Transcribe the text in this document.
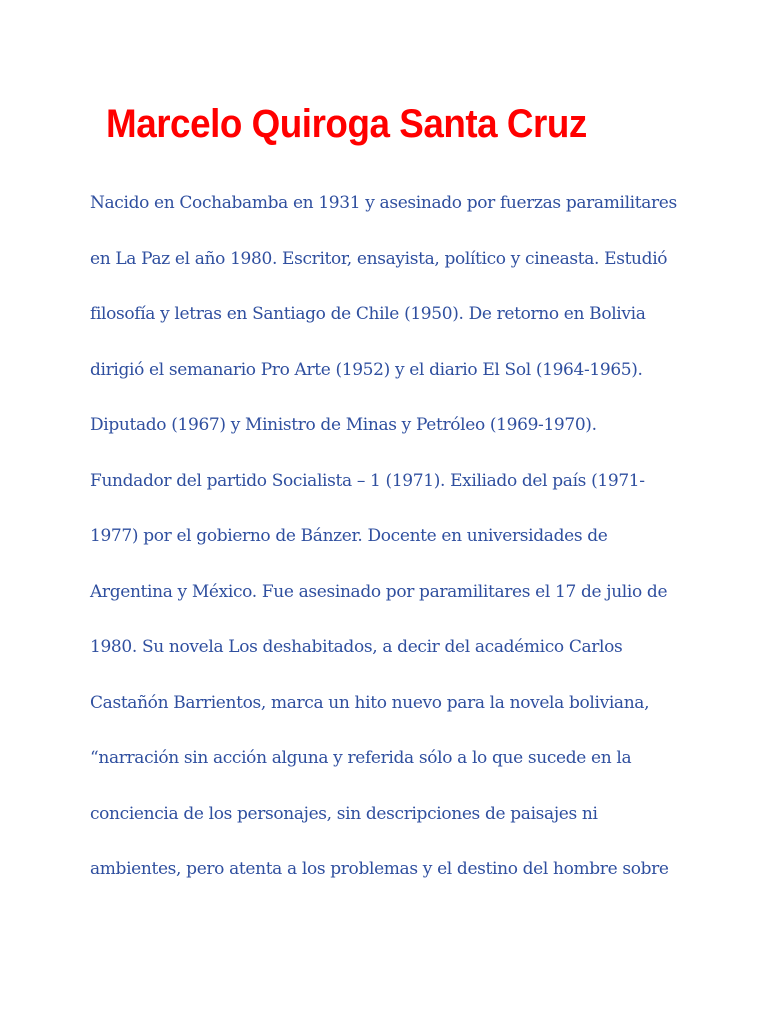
Marcelo Quiroga Santa Cruz
Nacido en Cochabamba en 1931 y asesinado por fuerzas paramilitares
en La Paz el año 1980. Escritor, ensayista, político y cineasta. Estudió
filosofía y letras en Santiago de Chile (1950). De retorno en Bolivia
dirigió el semanario Pro Arte (1952) y el diario El Sol (1964-1965).
Diputado (1967) y Ministro de Minas y Petróleo (1969-1970).
Fundador del partido Socialista – 1 (1971). Exiliado del país (1971-
1977) por el gobierno de Bánzer. Docente en universidades de
Argentina y México. Fue asesinado por paramilitares el 17 de julio de
1980. Su novela Los deshabitados, a decir del académico Carlos
Castañón Barrientos, marca un hito nuevo para la novela boliviana,
“narración sin acción alguna y referida sólo a lo que sucede en la
conciencia de los personajes, sin descripciones de paisajes ni
ambientes, pero atenta a los problemas y el destino del hombre sobre
